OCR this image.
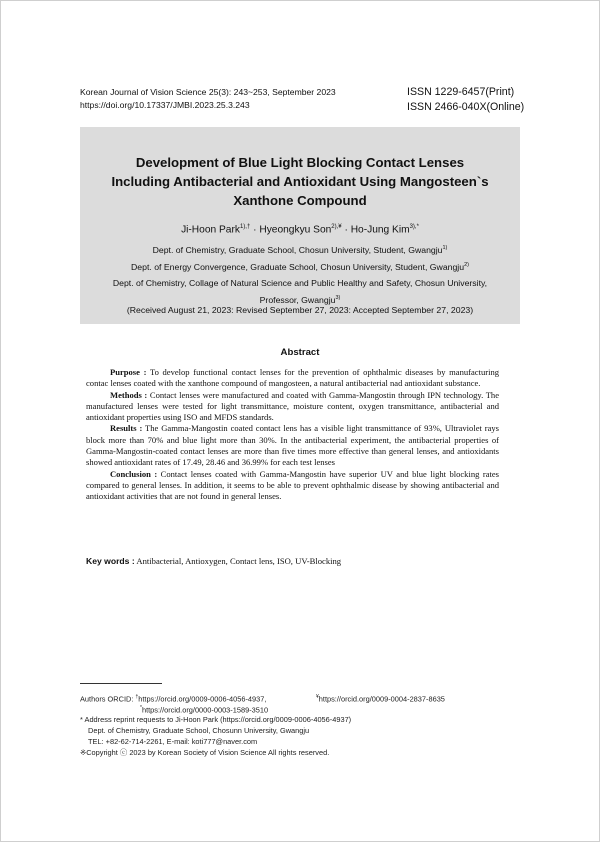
Korean Journal of Vision Science 25(3): 243~253, September 2023
https://doi.org/10.17337/JMBI.2023.25.3.243
ISSN 1229-6457(Print)
ISSN 2466-040X(Online)
Development of Blue Light Blocking Contact Lenses
Including Antibacterial and Antioxidant Using Mangosteen`s
Xanthone Compound
Ji-Hoon Park$^{1),\dagger}$ · Hyeongkyu Son$^{2),¥}$ · Ho-Jung Kim$^{3),*}$
Dept. of Chemistry, Graduate School, Chosun University, Student, Gwangju$^{1)}$
Dept. of Energy Convergence, Graduate School, Chosun University, Student, Gwangju$^{2)}$
Dept. of Chemistry, Collage of Natural Science and Public Healthy and Safety, Chosun University,
Professor, Gwangju$^{3)}$
(Received August 21, 2023: Revised September 27, 2023: Accepted September 27, 2023)
Abstract

Purpose : To develop functional contact lenses for the prevention of ophthalmic diseases by manufacturing contac lenses coated with the xanthone compound of mangosteen, a natural antibacterial nad antioxidant substance.

Methods : Contact lenses were manufactured and coated with Gamma-Mangostin through IPN technology. The manufactured lenses were tested for light transmittance, moisture content, oxygen transmittance, antibacterial and antioxidant properties using ISO and MFDS standards.

Results : The Gamma-Mangostin coated contact lens has a visible light transmittance of 93%, Ultraviolet rays block more than 70% and blue light more than 30%. In the antibacterial experiment, the antibacterial properties of Gamma-Mangostin-coated contact lenses are more than five times more effective than general lenses, and antioxidants showed antioxidant rates of 17.49, 28.46 and 36.99% for each test lenses

Conclusion : Contact lenses coated with Gamma-Mangostin have superior UV and blue light blocking rates compared to general lenses. In addition, it seems to be able to prevent ophthalmic disease by showing antibacterial and antioxidant activities that are not found in general lenses.

Key words : Antibacterial, Antioxygen, Contact lens, ISO, UV-Blocking
Authors ORCID: †https://orcid.org/0009-0006-4056-4937,	¥https://orcid.org/0009-0004-2837-8635
*https://orcid.org/0000-0003-1589-3510
* Address reprint requests to Ji-Hoon Park (https://orcid.org/0009-0006-4056-4937)
Dept. of Chemistry, Graduate School, Chosunn University, Gwangju
TEL: +82-62-714-2261, E-mail: koti777@naver.com
※Copyright ⓒ 2023 by Korean Society of Vision Science All rights reserved.
